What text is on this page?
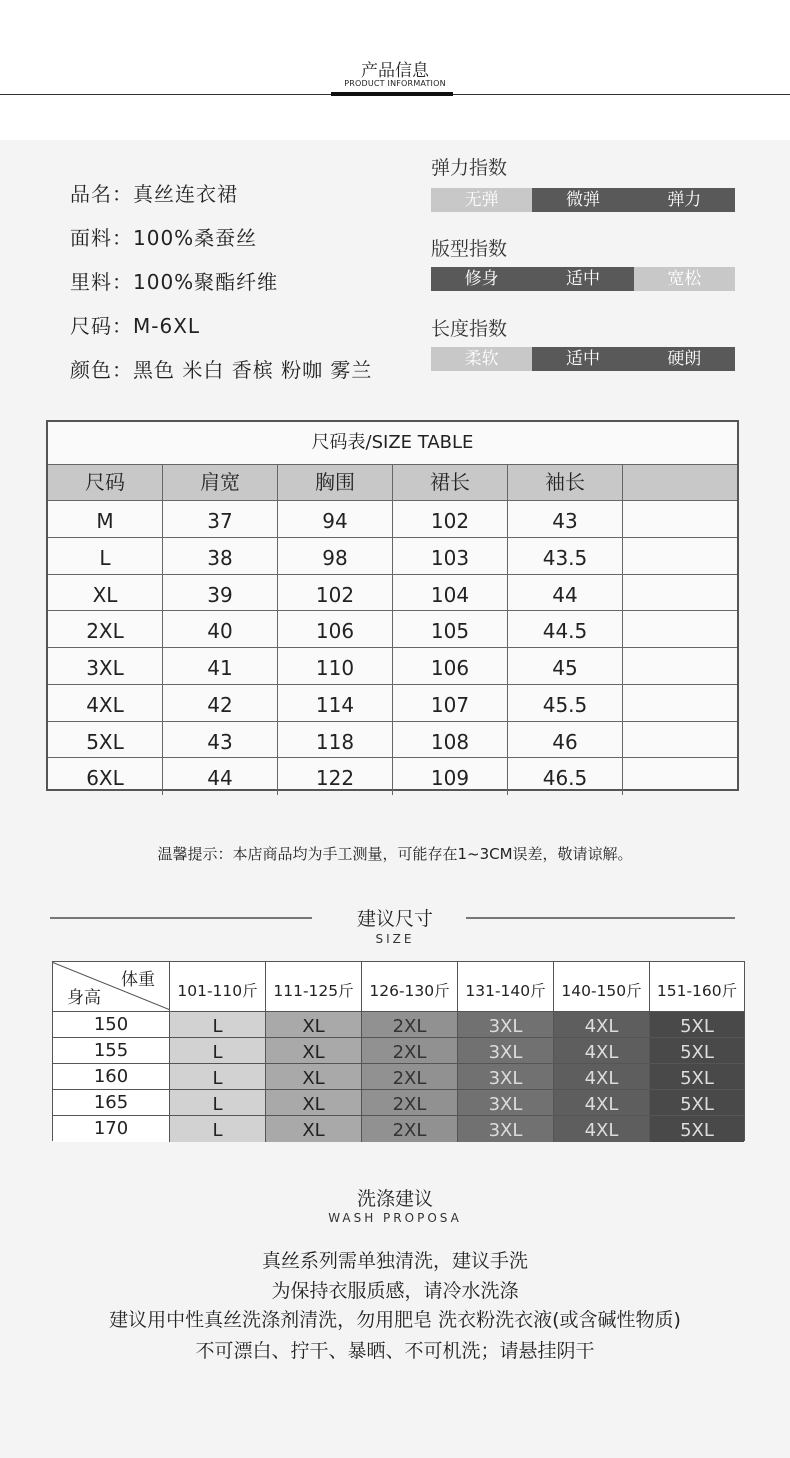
产品信息
PRODUCT INFORMATION
品名：真丝连衣裙
面料：100%桑蚕丝
里料：100%聚酯纤维
尺码：M-6XL
颜色：黑色 米白 香槟 粉咖 雾兰
弹力指数
无弹	微弹	弹力
版型指数
修身	适中	宽松
长度指数
柔软	适中	硬朗
尺码表/SIZE TABLE
尺码	肩宽	胸围	裙长	袖长
M	37	94	102	43
L	38	98	103	43.5
XL	39	102	104	44
2XL	40	106	105	44.5
3XL	41	110	106	45
4XL	42	114	107	45.5
5XL	43	118	108	46
6XL	44	122	109	46.5
温馨提示：本店商品均为手工测量，可能存在1~3CM误差，敬请谅解。
建议尺寸
SIZE
体重
身高	101-110斤	111-125斤	126-130斤	131-140斤	140-150斤 151-160斤
150	L	XL	2XL	3XL	4XL	5XL
155	L	XL	2XL	3XL	4XL	5XL
160	L	XL	2XL	3XL	4XL	5XL
165	L	XL	2XL	3XL	4XL	5XL
170	L	XL	2XL	3XL	4XL	5XL
洗涤建议
WASH PROPOSA
真丝系列需单独清洗，建议手洗
为保持衣服质感，请冷水洗涤
建议用中性真丝洗涤剂清洗，勿用肥皂 洗衣粉洗衣液(或含碱性物质)
不可漂白、拧干、暴晒、不可机洗；请悬挂阴干
